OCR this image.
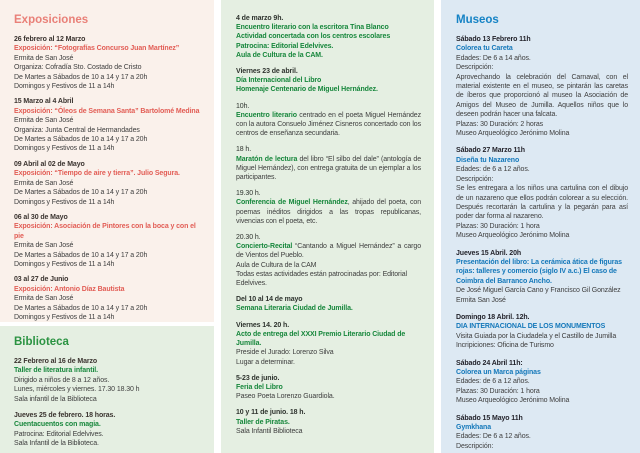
Exposiciones
26 febrero al 12 Marzo
Exposición: “Fotografías Concurso Juan Martínez”
Ermita de San José
Organiza: Cofradía Sto. Costado de Cristo
De Martes a Sábados de 10 a 14 y 17 a 20h
Domingos y Festivos de 11 a 14h
15 Marzo al 4 Abril
Exposición: “Óleos de Semana Santa” Bartolomé Medina
Ermita de San José
Organiza: Junta Central de Hermandades
De Martes a Sábados de 10 a 14 y 17 a 20h
Domingos y Festivos de 11 a 14h
09 Abril al 02 de Mayo
Exposición: “Tiempo de aire y tierra”. Julio Segura.
Ermita de San José
De Martes a Sábados de 10 a 14 y 17 a 20h
Domingos y Festivos de 11 a 14h
06 al 30 de Mayo
Exposición: Asociación de Pintores con la boca y con el pie
Ermita de San José
De Martes a Sábados de 10 a 14 y 17 a 20h
Domingos y Festivos de 11 a 14h
03 al 27 de Junio
Exposición: Antonio Díaz Bautista
Ermita de San José
De Martes a Sábados de 10 a 14 y 17 a 20h
Domingos y Festivos de 11 a 14h
Biblioteca
22 Febrero al 16 de Marzo
Taller de literatura infantil.
Dirigido a niños de 8 a 12 años.
Lunes, miércoles y viernes. 17.30 18.30 h
Sala infantil de la Biblioteca
Jueves 25 de febrero. 18 horas.
Cuentacuentos con magia.
Patrocina: Editorial Edelvives.
Sala Infantil de la Biblioteca.
4 de marzo 9h.
Encuentro literario con la escritora Tina Blanco
Actividad concertada con los centros escolares
Patrocina: Editorial Edelvives.
Aula de Cultura de la CAM.
Viernes 23 de abril.
Día Internacional del Libro
Homenaje Centenario de Miguel Hernández.
10h.

Encuentro literario centrado en el poeta Miguel Hernández con la autora Consuelo Jiménez Cisneros concertado con los centros de enseñanza secundaria.

18 h.

Maratón de lectura del libro “El silbo del dale” (antología de Miguel Hernández), con entrega gratuita de un ejemplar a los participantes.

19.30 h.

Conferencia de Miguel Hernández, ahijado del poeta, con poemas inéditos dirigidos a las tropas republicanas, vivencias con el poeta, etc.

20.30 h.

Concierto-Recital “Cantando a Miguel Hernández” a cargo de Vientos del Pueblo.

Aula de Cultura de la CAM
Todas estas actividades están patrocinadas por: Editorial Edelvives.
Del 10 al 14 de mayo
Semana Literaria Ciudad de Jumilla.
Viernes 14. 20 h.
Acto de entrega del XXXI Premio Literario Ciudad de Jumilla.
Preside el Jurado: Lorenzo Silva
Lugar a determinar.
5-23 de junio.
Feria del Libro
Paseo Poeta Lorenzo Guardiola.
10 y 11 de junio. 18 h.
Taller de Piratas.
Sala Infantil Biblioteca
Museos
Sábado 13 Febrero 11h
Colorea tu Careta
Edades: De 6 a 14 años.
Descripción:
Aprovechando la celebración del Carnaval, con el material existente en el museo, se pintarán las caretas de íberos que proporcionó al museo la Asociación de Amigos del Museo de Jumilla. Aquellos niños que lo deseen podrán hacer una falcata.
Plazas: 30 Duración: 2 horas
Museo Arqueológico Jerónimo Molina
Sábado 27 Marzo 11h
Diseña tu Nazareno
Edades: de 6 a 12 años.
Descripción:
Se les entregara a los niños una cartulina con el dibujo de un nazareno que ellos podrán colorear a su elección. Después recortarán la cartulina y la pegarán para así poder dar forma al nazareno.
Plazas: 30 Duración: 1 hora
Museo Arqueológico Jerónimo Molina
Jueves 15 Abril. 20h
Presentación del libro: La cerámica ática de figuras rojas: talleres y comercio (siglo IV a.c.) El caso de Coimbra del Barranco Ancho.
De José Miguel García Cano y Francisco Gil González
Ermita San José
Domingo 18 Abril. 12h.
DIA INTERNACIONAL DE LOS MONUMENTOS
Visita Guiada por la Ciudadela y el Castillo de Jumilla
Incripiciones: Oficina de Turismo
Sábado 24 Abril 11h:
Colorea un Marca páginas
Edades: de 6 a 12 años.
Plazas: 30 Duración: 1 hora
Museo Arqueológico Jerónimo Molina
Sábado 15 Mayo 11h
Gymkhana
Edades: De 6 a 12 años.
Descripción:
